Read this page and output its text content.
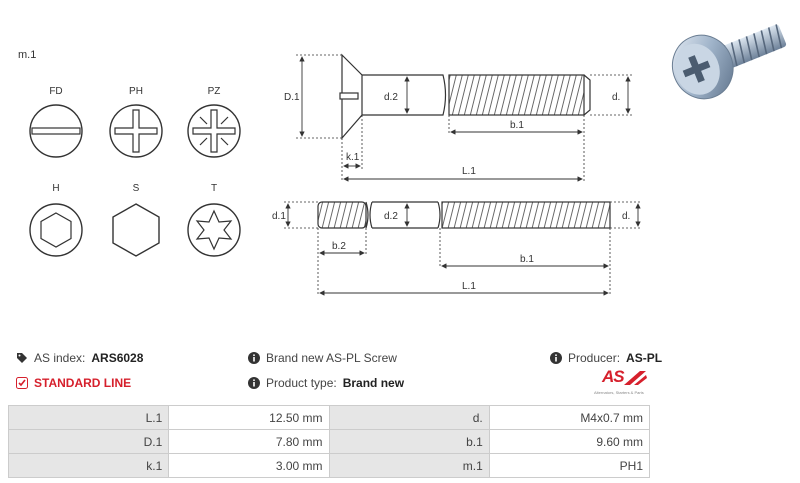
m.1
FD	PH	PZ
H	S	T
D.1	d.2	d.
b.1
k.1
L.1
d.1	d.2	d.
b.2
b.1
L.1
AS index: ARS6028
STANDARD LINE
Brand new AS-PL Screw
Product type: Brand new
Producer: AS-PL
AS
Alternators, Starters & Parts
L.1	12.50 mm	d.	M4x0.7 mm
D.1	7.80 mm	b.1	9.60 mm
k.1	3.00 mm	m.1	PH1
